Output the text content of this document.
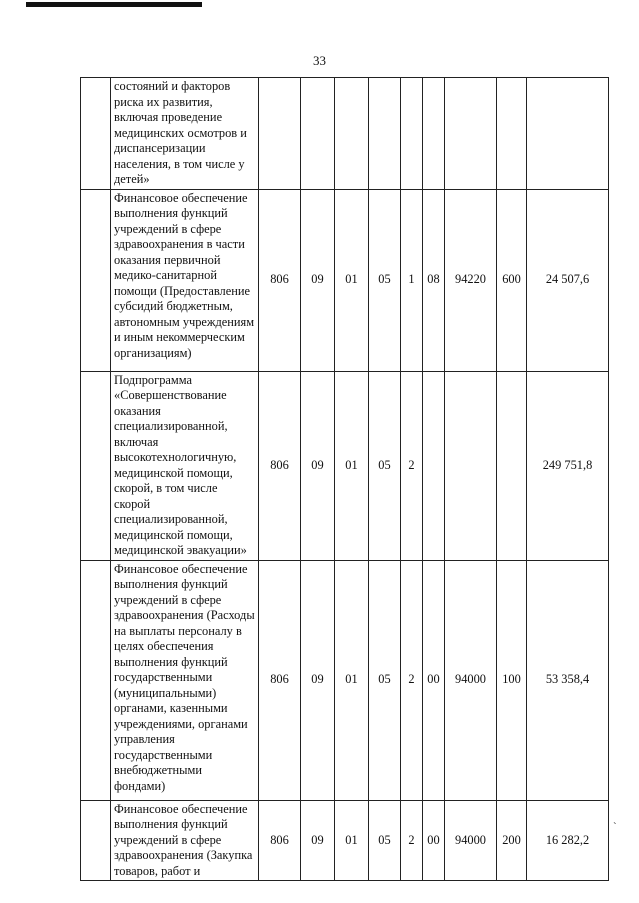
33
	состояний и факторов риска их развития, включая проведение медицинских осмотров и диспансеризации населения, в том числе у детей»									
	Финансовое обеспечение выполнения функций учреждений в сфере здравоохранения в части оказания первичной медико-санитарной помощи (Предоставление субсидий бюджетным, автономным учреждениям и иным некоммерческим организациям)	806	09	01	05	1	08	94220	600	24 507,6
	Подпрограмма «Совершенствование оказания специализированной, включая высокотехнологичную, медицинской помощи, скорой, в том числе скорой специализированной, медицинской помощи, медицинской эвакуации»	806	09	01	05	2				249 751,8
	Финансовое обеспечение выполнения функций учреждений в сфере здравоохранения (Расходы на выплаты персоналу в целях обеспечения выполнения функций государственными (муниципальными) органами, казенными учреждениями, органами управления государственными внебюджетными фондами)	806	09	01	05	2	00	94000	100	53 358,4
	Финансовое обеспечение выполнения функций учреждений в сфере здравоохранения (Закупка товаров, работ и	806	09	01	05	2	00	94000	200	16 282,2
`
